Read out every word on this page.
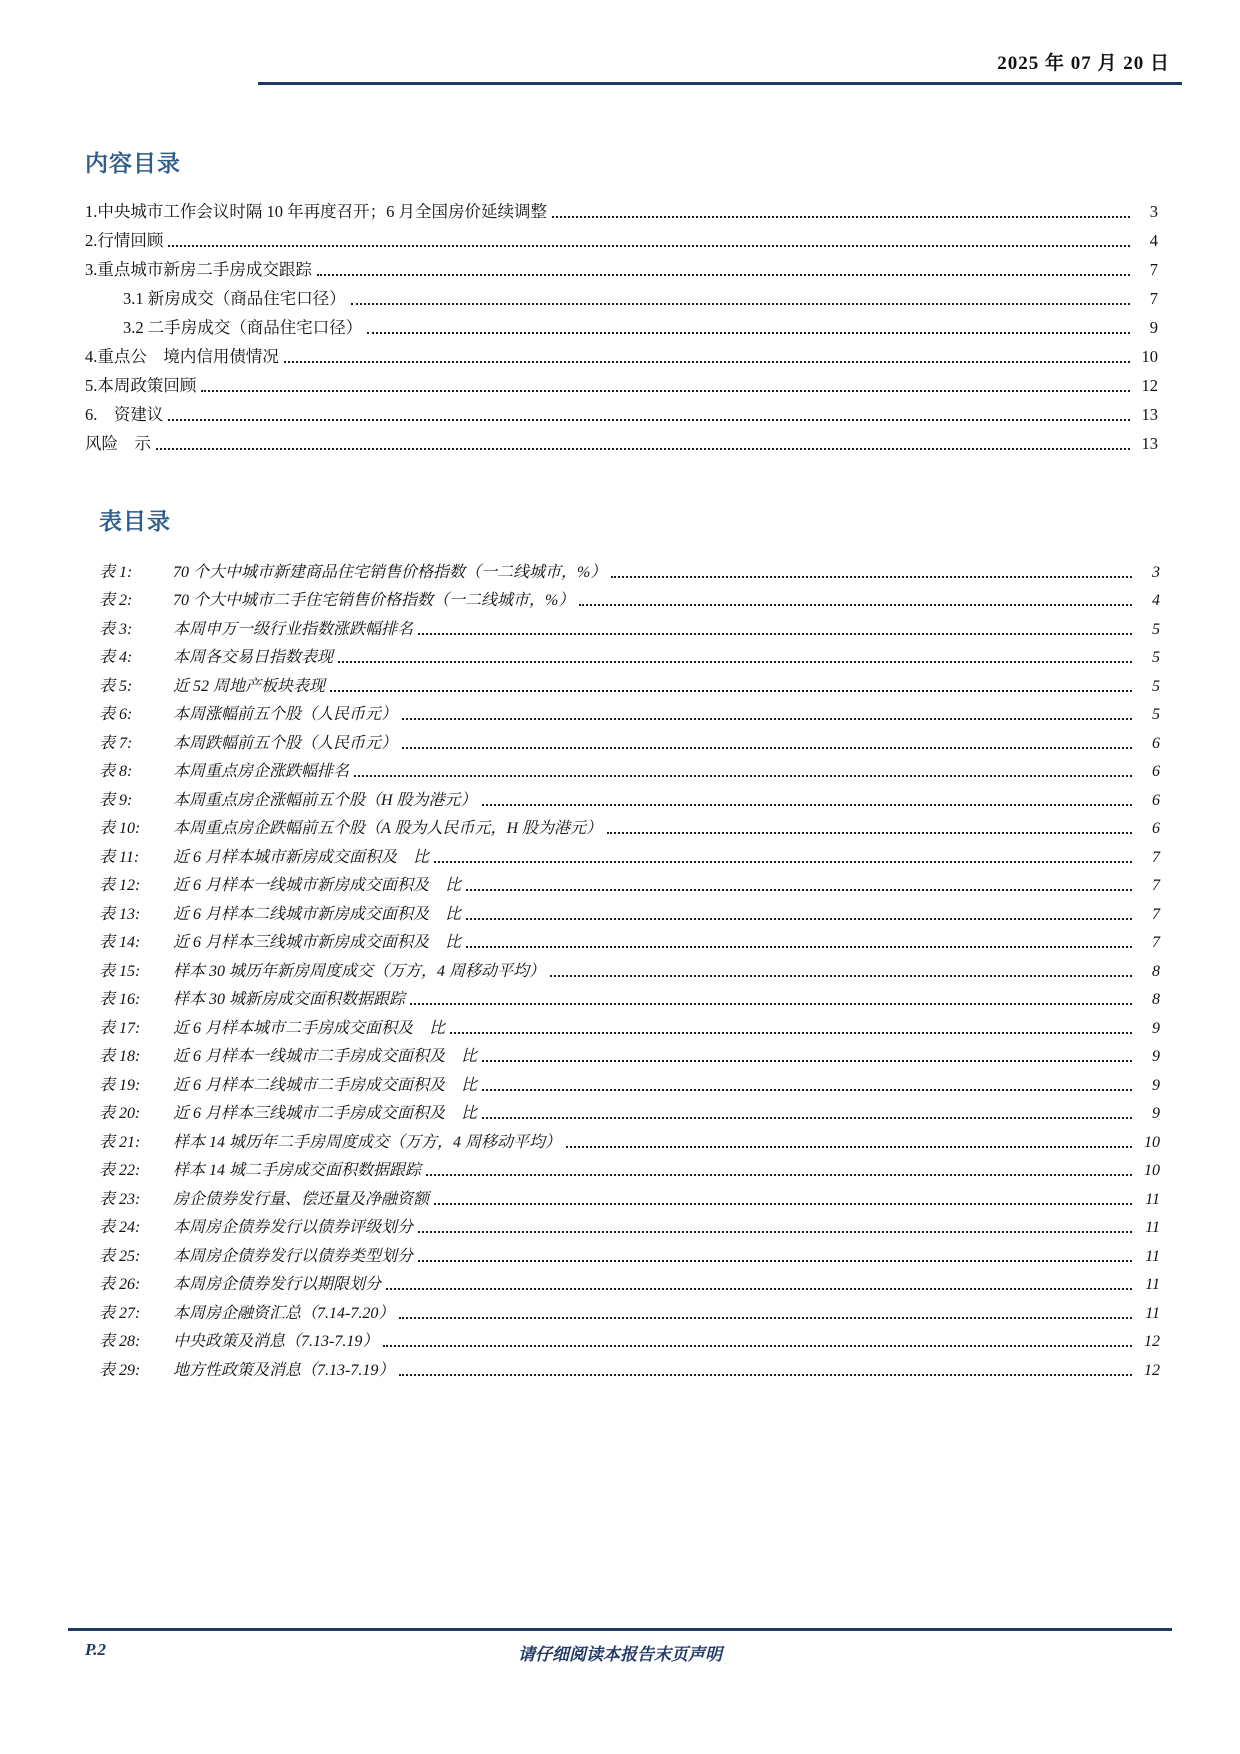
2025 年 07 月 20 日
内容目录
1.中央城市工作会议时隔 10 年再度召开；6 月全国房价延续调整	3
2.行情回顾	4
3.重点城市新房二手房成交跟踪	7
3.1 新房成交（商品住宅口径）	7
3.2 二手房成交（商品住宅口径）	9
4.重点公　境内信用债情况	10
5.本周政策回顾	12
6.　资建议	13
风险　示	13
表目录
表 1:	70 个大中城市新建商品住宅销售价格指数（一二线城市，%）	3
表 2:	70 个大中城市二手住宅销售价格指数（一二线城市，%）	4
表 3:	本周申万一级行业指数涨跌幅排名	5
表 4:	本周各交易日指数表现	5
表 5:	近 52 周地产板块表现	5
表 6:	本周涨幅前五个股（人民币元）	5
表 7:	本周跌幅前五个股（人民币元）	6
表 8:	本周重点房企涨跌幅排名	6
表 9:	本周重点房企涨幅前五个股（H 股为港元）	6
表 10:	本周重点房企跌幅前五个股（A 股为人民币元，H 股为港元）	6
表 11:	近 6 月样本城市新房成交面积及　比	7
表 12:	近 6 月样本一线城市新房成交面积及　比	7
表 13:	近 6 月样本二线城市新房成交面积及　比	7
表 14:	近 6 月样本三线城市新房成交面积及　比	7
表 15:	样本 30 城历年新房周度成交（万方，4 周移动平均）	8
表 16:	样本 30 城新房成交面积数据跟踪	8
表 17:	近 6 月样本城市二手房成交面积及　比	9
表 18:	近 6 月样本一线城市二手房成交面积及　比	9
表 19:	近 6 月样本二线城市二手房成交面积及　比	9
表 20:	近 6 月样本三线城市二手房成交面积及　比	9
表 21:	样本 14 城历年二手房周度成交（万方，4 周移动平均）	10
表 22:	样本 14 城二手房成交面积数据跟踪	10
表 23:	房企债券发行量、偿还量及净融资额	11
表 24:	本周房企债券发行以债券评级划分	11
表 25:	本周房企债券发行以债券类型划分	11
表 26:	本周房企债券发行以期限划分	11
表 27:	本周房企融资汇总（7.14-7.20）	11
表 28:	中央政策及消息（7.13-7.19）	12
表 29:	地方性政策及消息（7.13-7.19）	12
P.2	请仔细阅读本报告末页声明
